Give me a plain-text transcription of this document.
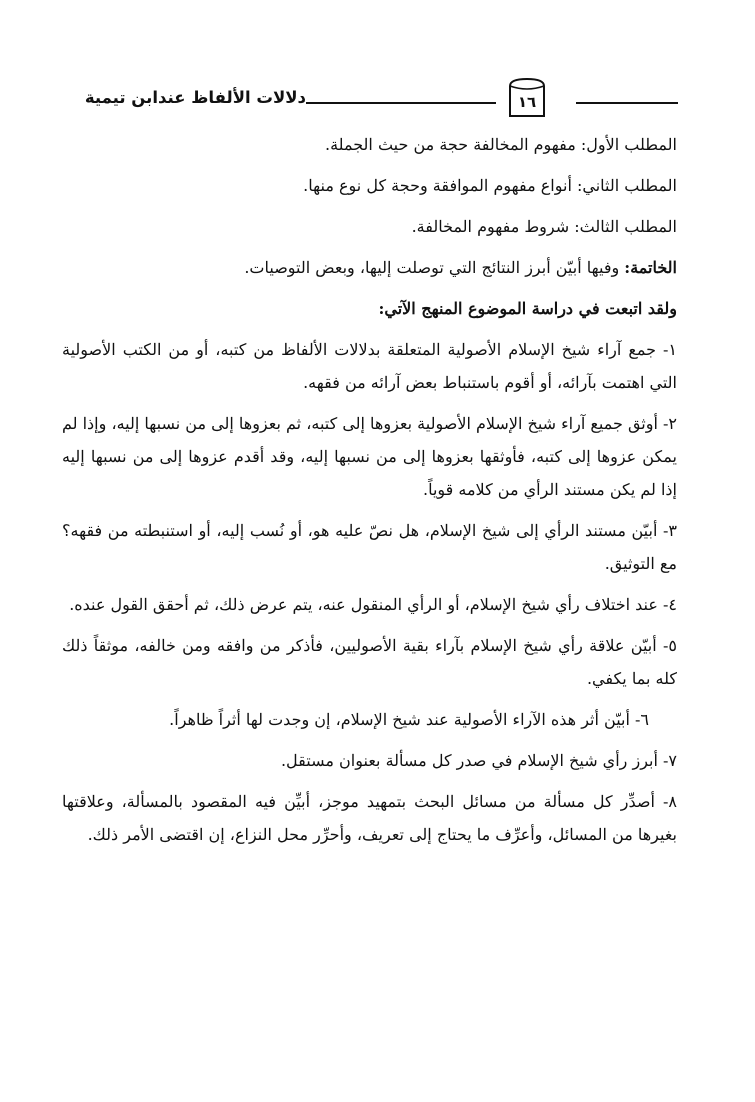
١٦
دلالات الألفاظ عندابن تيمية

المطلب الأول: مفهوم المخالفة حجة من حيث الجملة.

المطلب الثاني: أنواع مفهوم الموافقة وحجة كل نوع منها.

المطلب الثالث: شروط مفهوم المخالفة.

الخاتمة: وفيها أبيّن أبرز النتائج التي توصلت إليها، وبعض التوصيات.

ولقد اتبعت في دراسة الموضوع المنهج الآتي:

١- جمع آراء شيخ الإسلام الأصولية المتعلقة بدلالات الألفاظ من كتبه، أو من الكتب الأصولية التي اهتمت بآرائه، أو أقوم باستنباط بعض آرائه من فقهه.

٢- أوثق جميع آراء شيخ الإسلام الأصولية بعزوها إلى كتبه، ثم بعزوها إلى من نسبها إليه، وإذا لم يمكن عزوها إلى كتبه، فأوثقها بعزوها إلى من نسبها إليه، وقد أقدم عزوها إلى من نسبها إليه إذا لم يكن مستند الرأي من كلامه قوياً.

٣- أبيّن مستند الرأي إلى شيخ الإسلام، هل نصّ عليه هو، أو نُسب إليه، أو استنبطته من فقهه؟ مع التوثيق.

٤- عند اختلاف رأي شيخ الإسلام، أو الرأي المنقول عنه، يتم عرض ذلك، ثم أحقق القول عنده.

٥- أبيّن علاقة رأي شيخ الإسلام بآراء بقية الأصوليين، فأذكر من وافقه ومن خالفه، موثقاً ذلك كله بما يكفي.

٦- أبيّن أثر هذه الآراء الأصولية عند شيخ الإسلام، إن وجدت لها أثراً ظاهراً.

٧- أبرز رأي شيخ الإسلام في صدر كل مسألة بعنوان مستقل.

٨- أصدِّر كل مسألة من مسائل البحث بتمهيد موجز، أبيِّن فيه المقصود بالمسألة، وعلاقتها بغيرها من المسائل، وأعرِّف ما يحتاج إلى تعريف، وأحرِّر محل النزاع، إن اقتضى الأمر ذلك.
